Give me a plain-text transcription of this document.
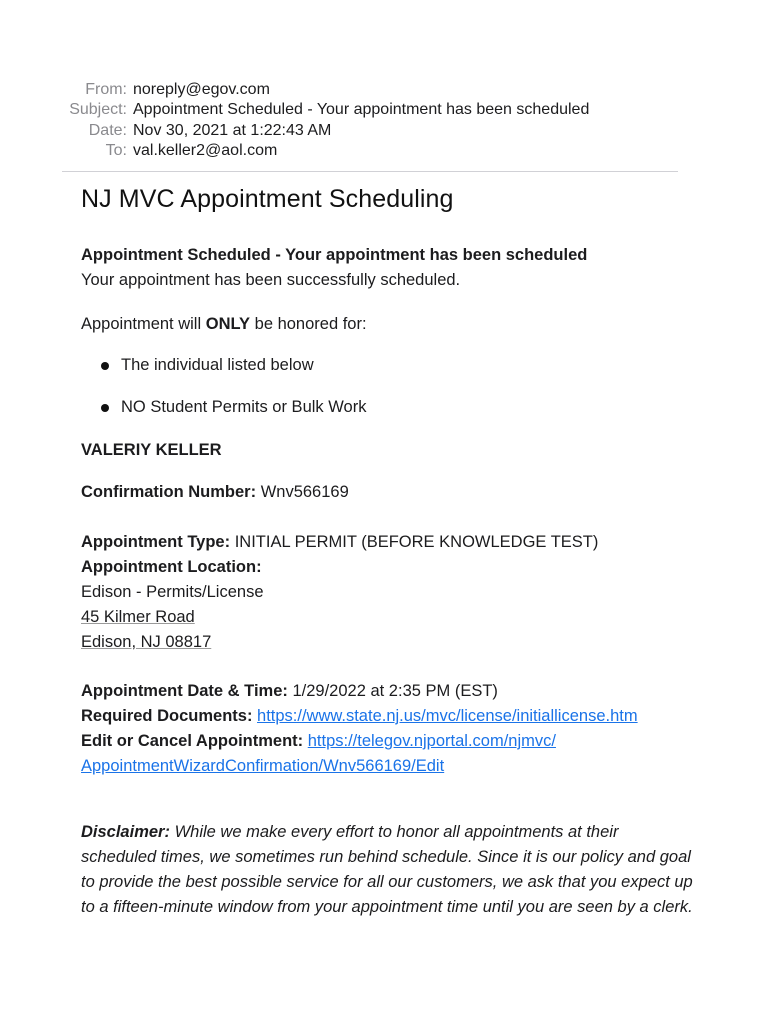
From: noreply@egov.com
Subject: Appointment Scheduled - Your appointment has been scheduled
Date: Nov 30, 2021 at 1:22:43 AM
To: val.keller2@aol.com
NJ MVC Appointment Scheduling
Appointment Scheduled - Your appointment has been scheduled
Your appointment has been successfully scheduled.
Appointment will ONLY be honored for:
The individual listed below
NO Student Permits or Bulk Work
VALERIY KELLER
Confirmation Number: Wnv566169
Appointment Type: INITIAL PERMIT (BEFORE KNOWLEDGE TEST)
Appointment Location:
Edison - Permits/License
45 Kilmer Road
Edison, NJ 08817
Appointment Date & Time: 1/29/2022 at 2:35 PM (EST)
Required Documents: https://www.state.nj.us/mvc/license/initiallicense.htm
Edit or Cancel Appointment: https://telegov.njportal.com/njmvc/
AppointmentWizardConfirmation/Wnv566169/Edit
Disclaimer: While we make every effort to honor all appointments at their scheduled times, we sometimes run behind schedule. Since it is our policy and goal to provide the best possible service for all our customers, we ask that you expect up to a fifteen-minute window from your appointment time until you are seen by a clerk.
